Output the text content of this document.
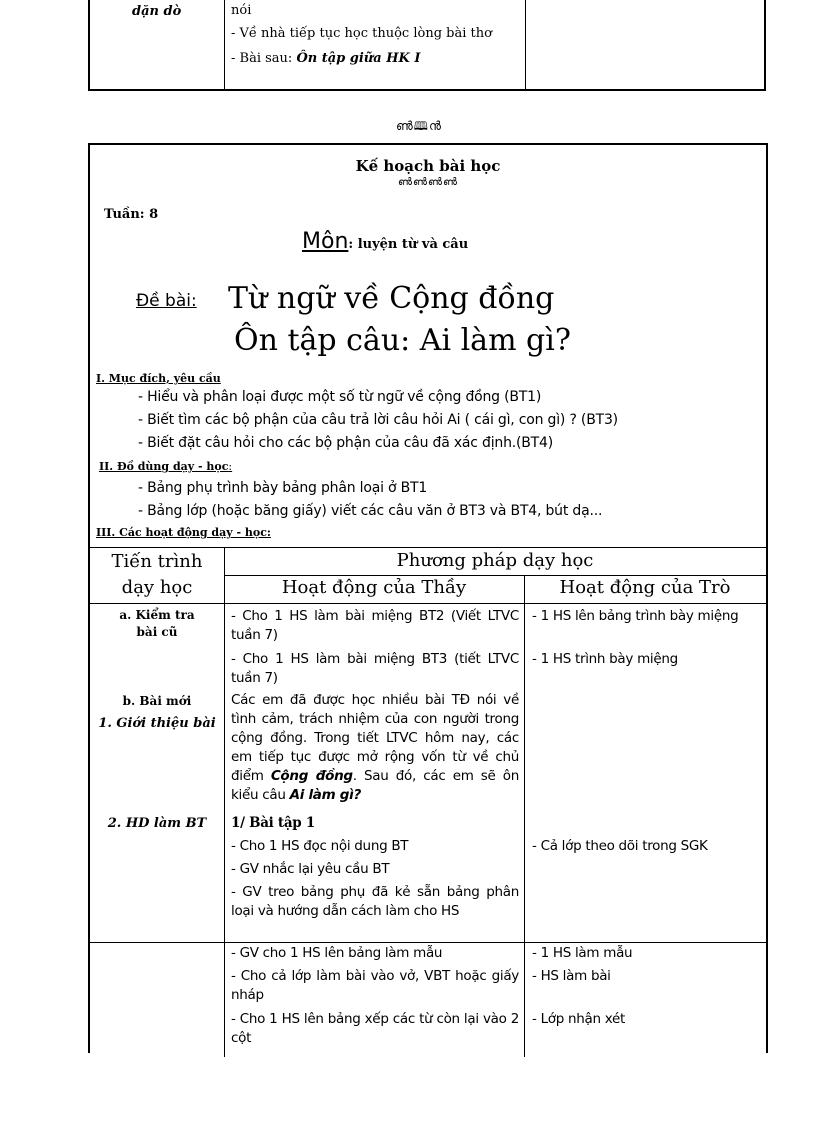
dặn dò	nói
- Về nhà tiếp tục học thuộc lòng bài thơ
- Bài sau: Ôn tập giữa HK I
ൺ🕮ൻ
Kế hoạch bài học
ൺൺൺൺ
Tuần: 8
Môn: luyện từ và câu
Đề bài: Từ ngữ về Cộng đồng
Ôn tập câu: Ai làm gì?
I. Mục đích, yêu cầu
- Hiểu và phân loại được một số từ ngữ về cộng đồng (BT1)
- Biết tìm các bộ phận của câu trả lời câu hỏi Ai ( cái gì, con gì) ? (BT3)
- Biết đặt câu hỏi cho các bộ phận của câu đã xác định.(BT4)
II. Đồ dùng dạy - học:
- Bảng phụ trình bày bảng phân loại ở BT1
- Bảng lớp (hoặc băng giấy) viết các câu văn ở BT3 và BT4, bút dạ...
III. Các hoạt động dạy - học:
Tiến trình
dạy học
Phương pháp dạy học
Hoạt động của Thầy	Hoạt động của Trò
a. Kiểm tra
bài cũ
b. Bài mới
1. Giới thiệu bài
2. HD làm BT
- Cho 1 HS làm bài miệng BT2 (Viết LTVC tuần 7)
- Cho 1 HS làm bài miệng BT3 (tiết LTVC tuần 7)
Các em đã được học nhiều bài TĐ nói về tình cảm, trách nhiệm của con người trong cộng đồng. Trong tiết LTVC hôm nay, các em tiếp tục được mở rộng vốn từ về chủ điểm Cộng đồng. Sau đó, các em sẽ ôn kiểu câu Ai làm gì?
1/ Bài tập 1
- Cho 1 HS đọc nội dung BT
- GV nhắc lại yêu cầu BT
- GV treo bảng phụ đã kẻ sẵn bảng phân loại và hướng dẫn cách làm cho HS
- GV cho 1 HS lên bảng làm mẫu
- Cho cả lớp làm bài vào vở, VBT hoặc giấy nháp
- Cho 1 HS lên bảng xếp các từ còn lại vào 2 cột
- 1 HS lên bảng trình bày miệng
- 1 HS trình bày miệng
- Cả lớp theo dõi trong SGK
- 1 HS làm mẫu
- HS làm bài
- Lớp nhận xét
